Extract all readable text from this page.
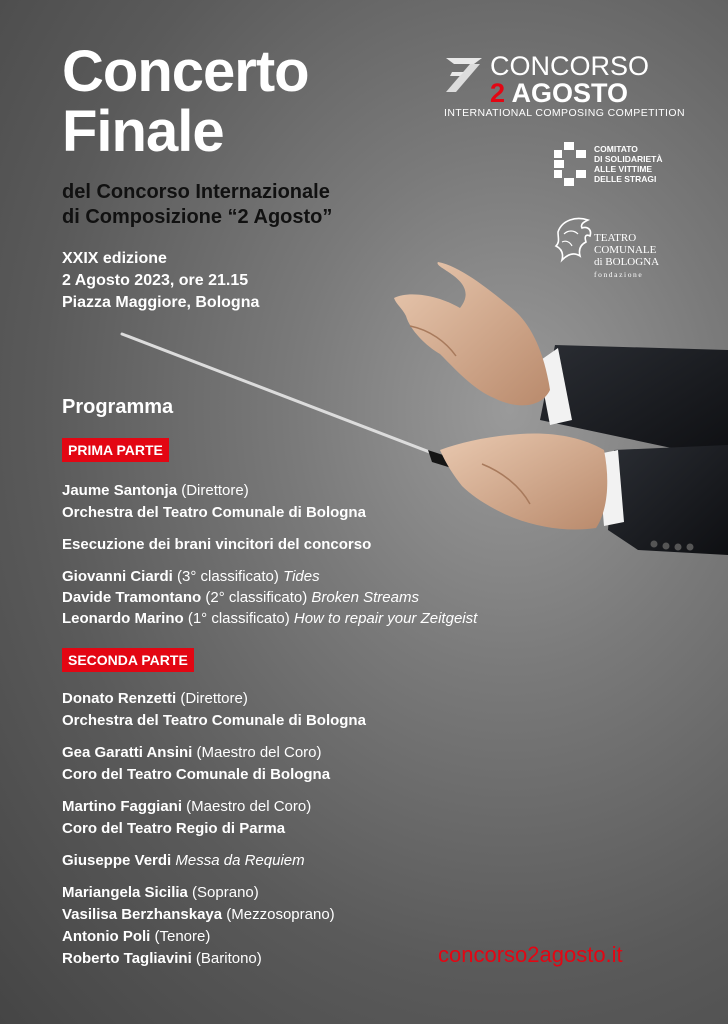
Concerto
Finale
del Concorso Internazionale
di Composizione “2 Agosto”
XXIX edizione
2 Agosto 2023, ore 21.15
Piazza Maggiore, Bologna
CONCORSO
2 AGOSTO
INTERNATIONAL COMPOSING COMPETITION
COMITATO
DI SOLIDARIETÀ
ALLE VITTIME
DELLE STRAGI
TEATRO
COMUNALE
di BOLOGNA
fondazione
Programma
PRIMA PARTE
Jaume Santonja (Direttore)
Orchestra del Teatro Comunale di Bologna
Esecuzione dei brani vincitori del concorso
Giovanni Ciardi (3° classificato) Tides
Davide Tramontano (2° classificato) Broken Streams
Leonardo Marino (1° classificato) How to repair your Zeitgeist
SECONDA PARTE
Donato Renzetti (Direttore)
Orchestra del Teatro Comunale di Bologna
Gea Garatti Ansini (Maestro del Coro)
Coro del Teatro Comunale di Bologna
Martino Faggiani (Maestro del Coro)
Coro del Teatro Regio di Parma
Giuseppe Verdi Messa da Requiem
Mariangela Sicilia (Soprano)
Vasilisa Berzhanskaya (Mezzosoprano)
Antonio Poli (Tenore)
Roberto Tagliavini (Baritono)	concorso2agosto.it
